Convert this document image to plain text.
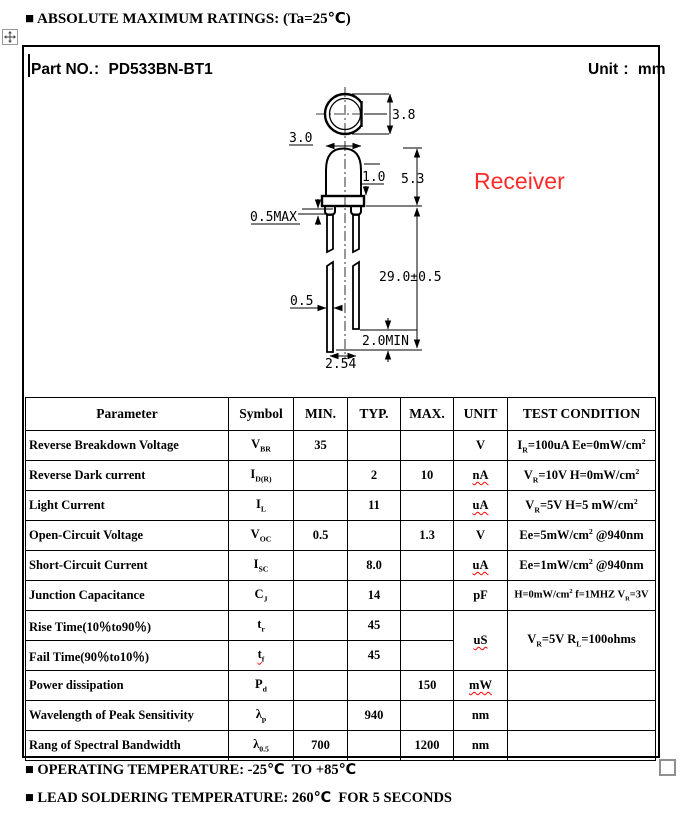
■ ABSOLUTE MAXIMUM RATINGS: (Ta=25℃)
Part NO.：PD533BN-BT1	Unit ：mm
3.8
3.0
1.0 5.3
0.5MAX
29.0±0.5
0.5
2.0MIN
2.54
Receiver
Parameter	Symbol	MIN.	TYP.	MAX.	UNIT	TEST CONDITION
Reverse Breakdown Voltage	$V_{BR}$	35			V	$I_R=100uA$ $Ee=0mW/cm^2$
Reverse Dark current	$I_{D(R)}$		2	10	nA	$V_R=10V$ $H=0mW/cm^2$
Light Current	$I_L$		11		uA	$V_R=5V$ H=5 $mW/cm^2$
Open-Circuit Voltage	$V_{OC}$	0.5		1.3	V	$Ee=5mW/cm^2$ @940nm
Short-Circuit Current	$I_{SC}$		8.0		uA	$Ee=1mW/cm^2$ @940nm
Junction Capacitance	$C_J$		14		pF	$H=0mW/cm^2$ f=1MHZ $V_R=3V$
Rise Time(10％to90％)	$t_r$		45		uS	$V_R=5V$ $R_L=100ohms$
Fail Time(90％to10％)	$t_f$		45			
Power dissipation	$P_d$			150	mW	
Wavelength of Peak Sensitivity	$\lambda_p$		940		nm	
Rang of Spectral Bandwidth	$\lambda_{0.5}$	700		1200	nm	
■ OPERATING TEMPERATURE: -25℃  TO +85℃
■ LEAD SOLDERING TEMPERATURE: 260℃  FOR 5 SECONDS
